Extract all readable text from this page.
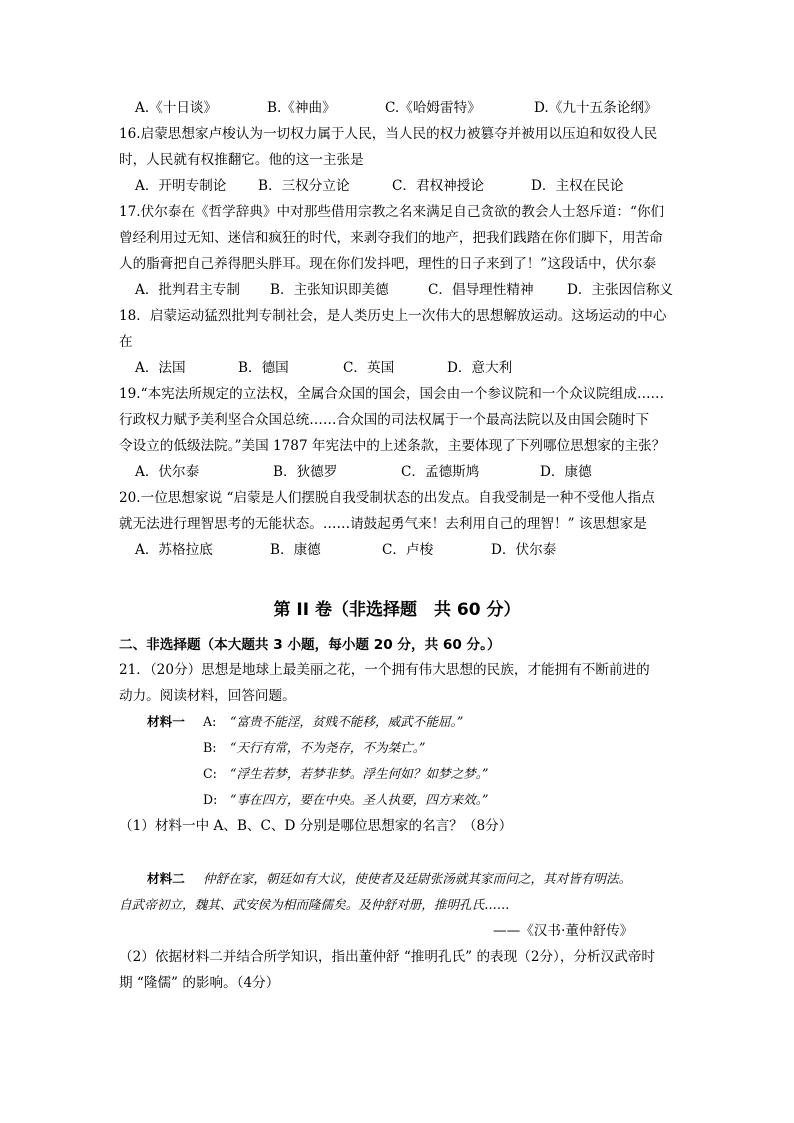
A.《十日谈》	B.《神曲》	C.《哈姆雷特》	D.《九十五条论纲》
16.启蒙思想家卢梭认为一切权力属于人民，当人民的权力被篡夺并被用以压迫和奴役人民
时，人民就有权推翻它。他的这一主张是
A．开明专制论 B．三权分立论	C．君权神授论	D．主权在民论
17.伏尔泰在《哲学辞典》中对那些借用宗教之名来满足自己贪欲的教会人士怒斥道：“你们
曾经利用过无知、迷信和疯狂的时代，来剥夺我们的地产，把我们践踏在你们脚下，用苦命
人的脂膏把自己养得肥头胖耳。现在你们发抖吧，理性的日子来到了！”这段话中，伏尔泰
A．批判君主专制 B．主张知识即美德	C．倡导理性精神 D．主张因信称义
18．启蒙运动猛烈批判专制社会，是人类历史上一次伟大的思想解放运动。这场运动的中心
在
A．法国	B．德国	C．英国	D．意大利
19.“本宪法所规定的立法权，全属合众国的国会，国会由一个参议院和一个众议院组成……
行政权力赋予美利坚合众国总统……合众国的司法权属于一个最高法院以及由国会随时下
令设立的低级法院。”美国 1787 年宪法中的上述条款，主要体现了下列哪位思想家的主张？
A．伏尔泰	B．狄德罗	C．孟德斯鸠	D．康德
20.一位思想家说 “启蒙是人们摆脱自我受制状态的出发点。自我受制是一种不受他人指点
就无法进行理智思考的无能状态。……请鼓起勇气来！去利用自己的理智！” 该思想家是
A．苏格拉底	B．康德	C．卢梭	D．伏尔泰
第 II 卷（非选择题　共 60 分）
二、非选择题（本大题共 3 小题，每小题 20 分，共 60 分。）
21．（20分）思想是地球上最美丽之花，一个拥有伟大思想的民族，才能拥有不断前进的
动力。阅读材料，回答问题。
材料一 A: “富贵不能淫，贫贱不能移，威武不能屈。”
B: “天行有常，不为尧存，不为桀亡。”
C: “浮生若梦，若梦非梦。浮生何如？如梦之梦。”
D: “事在四方，要在中央。圣人执要，四方来效。”
（1）材料一中 A、B、C、D 分别是哪位思想家的名言？（8分）
材料二 仲舒在家，朝廷如有大议，使使者及廷尉张汤就其家而问之，其对皆有明法。
自武帝初立，魏其、武安侯为相而隆儒矣。及仲舒对册，推明孔氏……
——《汉书·董仲舒传》
（2）依据材料二并结合所学知识，指出董仲舒 “推明孔氏” 的表现（2分），分析汉武帝时
期 “隆儒” 的影响。（4分）
